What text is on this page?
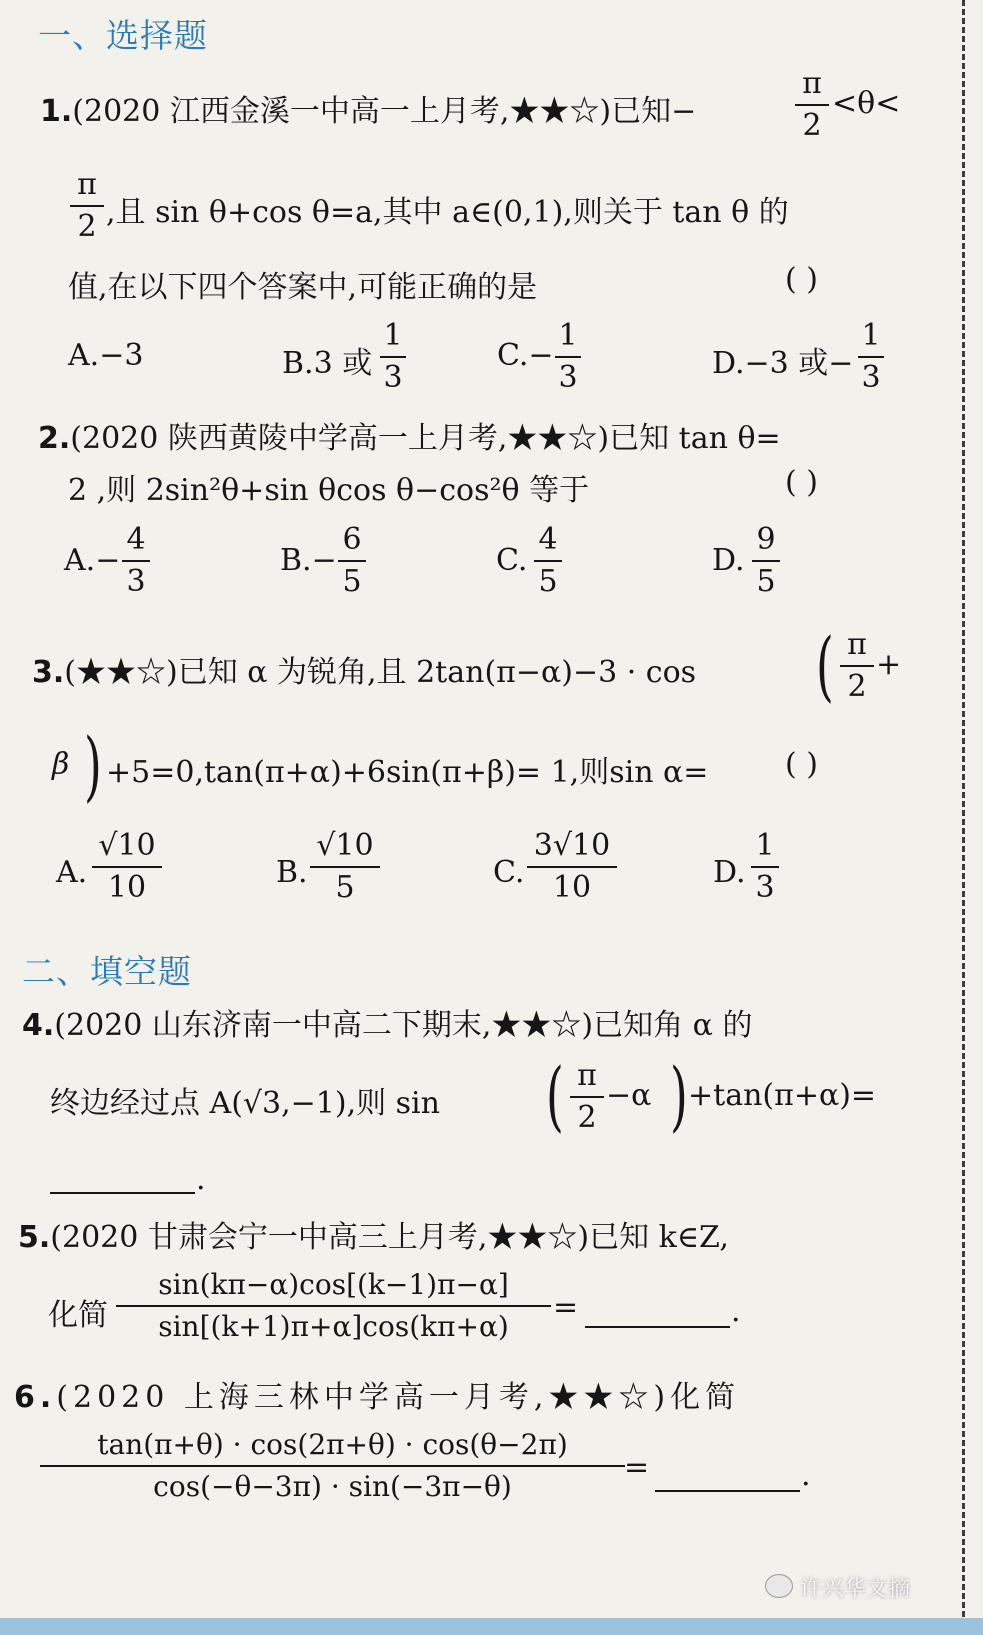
一、选择题
1.(2020 江西金溪一中高一上月考,★★☆)已知−
π
2
<θ<
π
2 ,且 sin θ+cos θ=a,其中 a∈(0,1),则关于 tan θ 的
值,在以下四个答案中,可能正确的是	( )
A.−3	B.3 或
1
3
C.−
1
3	D.−3 或−
1
3
2.(2020 陕西黄陵中学高一上月考,★★☆)已知 tan θ=
2 ,则 2sin²θ+sin θcos θ−cos²θ 等于	( )
A.−
4
3
B.−
6
5
C.
4
5
D.
9
5
3.(★★☆)已知 α 为锐角,且 2tan(π−α)−3 · cos ( π
2
+
β ) +5=0,tan(π+α)+6sin(π+β)= 1,则sin α=	( )
A.
√10
10	B.
√10
5	C.
3√10
10	D.
1
3
二、填空题
4.(2020 山东济南一中高二下期末,★★☆)已知角 α 的
终边经过点 A(√3,−1),则 sin ( π
2
−α ) +tan(π+α)=
.
5.(2020 甘肃会宁一中高三上月考,★★☆)已知 k∈Z,
化简
sin(kπ−α)cos[(k−1)π−α]
sin[(k+1)π+α]cos(kπ+α)
=	.
6.(2020 上海三林中学高一月考,★★☆)化简
tan(π+θ) · cos(2π+θ) · cos(θ−2π)
cos(−θ−3π) · sin(−3π−θ)
=	.
许兴华文摘
